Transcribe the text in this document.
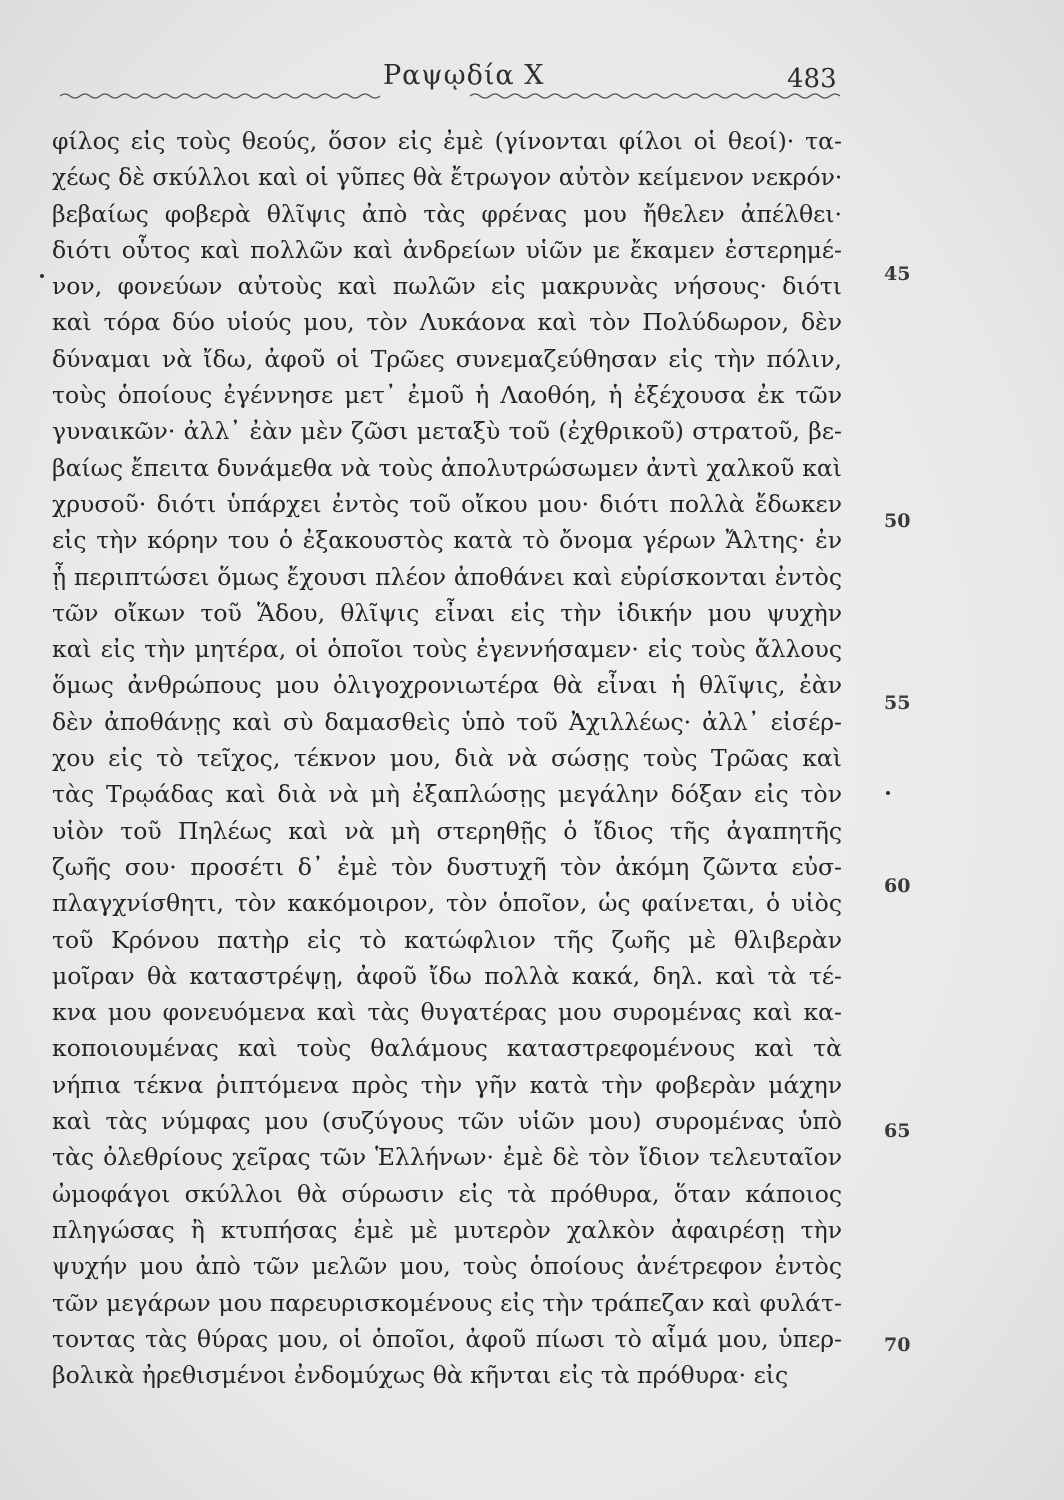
Ραψῳδία Χ	483
φίλος εἰς τοὺς θεούς, ὅσον εἰς ἐμὲ (γίνονται φίλοι οἱ θεοί)· τα-
χέως δὲ σκύλλοι καὶ οἱ γῦπες θὰ ἔτρωγον αὐτὸν κείμενον νεκρόν·
βεβαίως φοβερὰ θλῖψις ἀπὸ τὰς φρένας μου ἤθελεν ἀπέλθει·
διότι οὗτος καὶ πολλῶν καὶ ἀνδρείων υἱῶν με ἔκαμεν ἐστερημέ-
νον, φονεύων αὐτοὺς καὶ πωλῶν εἰς μακρυνὰς νήσους· διότι
καὶ τόρα δύο υἱούς μου, τὸν Λυκάονα καὶ τὸν Πολύδωρον, δὲν
δύναμαι νὰ ἴδω, ἀφοῦ οἱ Τρῶες συνεμαζεύθησαν εἰς τὴν πόλιν,
τοὺς ὁποίους ἐγέννησε μετ᾽ ἐμοῦ ἡ Λαοθόη, ἡ ἐξέχουσα ἐκ τῶν
γυναικῶν· ἀλλ᾽ ἐὰν μὲν ζῶσι μεταξὺ τοῦ (ἐχθρικοῦ) στρατοῦ, βε-
βαίως ἔπειτα δυνάμεθα νὰ τοὺς ἀπολυτρώσωμεν ἀντὶ χαλκοῦ καὶ
χρυσοῦ· διότι ὑπάρχει ἐντὸς τοῦ οἴκου μου· διότι πολλὰ ἔδωκεν
εἰς τὴν κόρην του ὁ ἐξακουστὸς κατὰ τὸ ὄνομα γέρων Ἄλτης· ἐν
ᾗ περιπτώσει ὅμως ἔχουσι πλέον ἀποθάνει καὶ εὑρίσκονται ἐντὸς
τῶν οἴκων τοῦ Ἅδου, θλῖψις εἶναι εἰς τὴν ἰδικήν μου ψυχὴν
καὶ εἰς τὴν μητέρα, οἱ ὁποῖοι τοὺς ἐγεννήσαμεν· εἰς τοὺς ἄλλους
ὅμως ἀνθρώπους μου ὀλιγοχρονιωτέρα θὰ εἶναι ἡ θλῖψις, ἐὰν
δὲν ἀποθάνῃς καὶ σὺ δαμασθεὶς ὑπὸ τοῦ Ἀχιλλέως· ἀλλ᾽ εἰσέρ-
χου εἰς τὸ τεῖχος, τέκνον μου, διὰ νὰ σώσῃς τοὺς Τρῶας καὶ
τὰς Τρῳάδας καὶ διὰ νὰ μὴ ἐξαπλώσῃς μεγάλην δόξαν εἰς τὸν
υἱὸν τοῦ Πηλέως καὶ νὰ μὴ στερηθῇς ὁ ἴδιος τῆς ἀγαπητῆς
ζωῆς σου· προσέτι δ᾽ ἐμὲ τὸν δυστυχῆ τὸν ἀκόμη ζῶντα εὐσ-
πλαγχνίσθητι, τὸν κακόμοιρον, τὸν ὁποῖον, ὡς φαίνεται, ὁ υἱὸς
τοῦ Κρόνου πατὴρ εἰς τὸ κατώφλιον τῆς ζωῆς μὲ θλιβερὰν
μοῖραν θὰ καταστρέψῃ, ἀφοῦ ἴδω πολλὰ κακά, δηλ. καὶ τὰ τέ-
κνα μου φονευόμενα καὶ τὰς θυγατέρας μου συρομένας καὶ κα-
κοποιουμένας καὶ τοὺς θαλάμους καταστρεφομένους καὶ τὰ
νήπια τέκνα ῥιπτόμενα πρὸς τὴν γῆν κατὰ τὴν φοβερὰν μάχην
καὶ τὰς νύμφας μου (συζύγους τῶν υἱῶν μου) συρομένας ὑπὸ
τὰς ὀλεθρίους χεῖρας τῶν Ἑλλήνων· ἐμὲ δὲ τὸν ἴδιον τελευταῖον
ὠμοφάγοι σκύλλοι θὰ σύρωσιν εἰς τὰ πρόθυρα, ὅταν κάποιος
πληγώσας ἢ κτυπήσας ἐμὲ μὲ μυτερὸν χαλκὸν ἀφαιρέσῃ τὴν
ψυχήν μου ἀπὸ τῶν μελῶν μου, τοὺς ὁποίους ἀνέτρεφον ἐντὸς
τῶν μεγάρων μου παρευρισκομένους εἰς τὴν τράπεζαν καὶ φυλάτ-
τοντας τὰς θύρας μου, οἱ ὁποῖοι, ἀφοῦ πίωσι τὸ αἷμά μου, ὑπερ-
βολικὰ ἠρεθισμένοι ἐνδομύχως θὰ κῆνται εἰς τὰ πρόθυρα· εἰς
45
50
55
60
65
70
